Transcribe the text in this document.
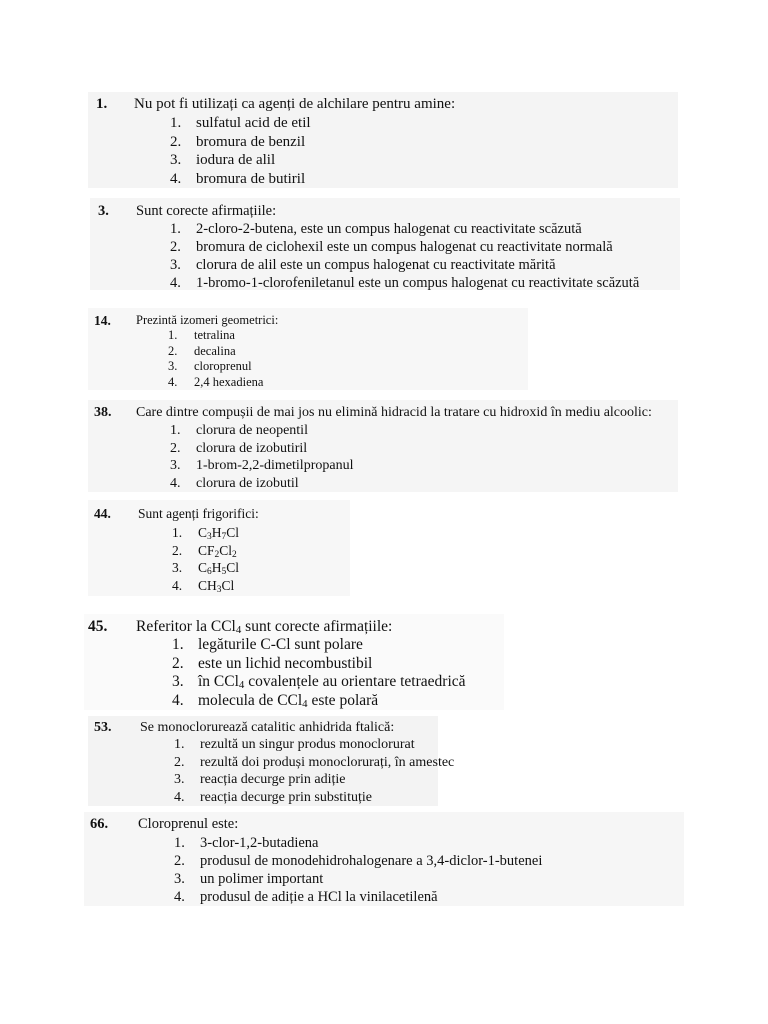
1. Nu pot fi utilizați ca agenți de alchilare pentru amine:
1. sulfatul acid de etil
2. bromura de benzil
3. iodura de alil
4. bromura de butiril
3. Sunt corecte afirmațiile:
1. 2-cloro-2-butena, este un compus halogenat cu reactivitate scăzută
2. bromura de ciclohexil este un compus halogenat cu reactivitate normală
3. clorura de alil este un compus halogenat cu reactivitate mărită
4. 1-bromo-1-clorofeniletanul este un compus halogenat cu reactivitate scăzută
14. Prezintă izomeri geometrici:
1. tetralina
2. decalina
3. cloroprenul
4. 2,4 hexadiena
38. Care dintre compușii de mai jos nu elimină hidracid la tratare cu hidroxid în mediu alcoolic:
1. clorura de neopentil
2. clorura de izobutiril
3. 1-brom-2,2-dimetilpropanul
4. clorura de izobutil
44. Sunt agenți frigorifici:
1. $C_3H_7Cl$
2. $CF_2Cl_2$
3. $C_6H_5Cl$
4. $CH_3Cl$
45. Referitor la CCl$_4$ sunt corecte afirmațiile:
1. legăturile C-Cl sunt polare
2. este un lichid necombustibil
3. în CCl$_4$ covalențele au orientare tetraedrică
4. molecula de CCl$_4$ este polară
53. Se monoclorurează catalitic anhidrida ftalică:
1. rezultă un singur produs monoclorurat
2. rezultă doi produși monoclorurați, în amestec
3. reacția decurge prin adiție
4. reacția decurge prin substituție
66. Cloroprenul este:
1. 3-clor-1,2-butadiena
2. produsul de monodehidrohalogenare a 3,4-diclor-1-butenei
3. un polimer important
4. produsul de adiție a HCl la vinilacetilenă
